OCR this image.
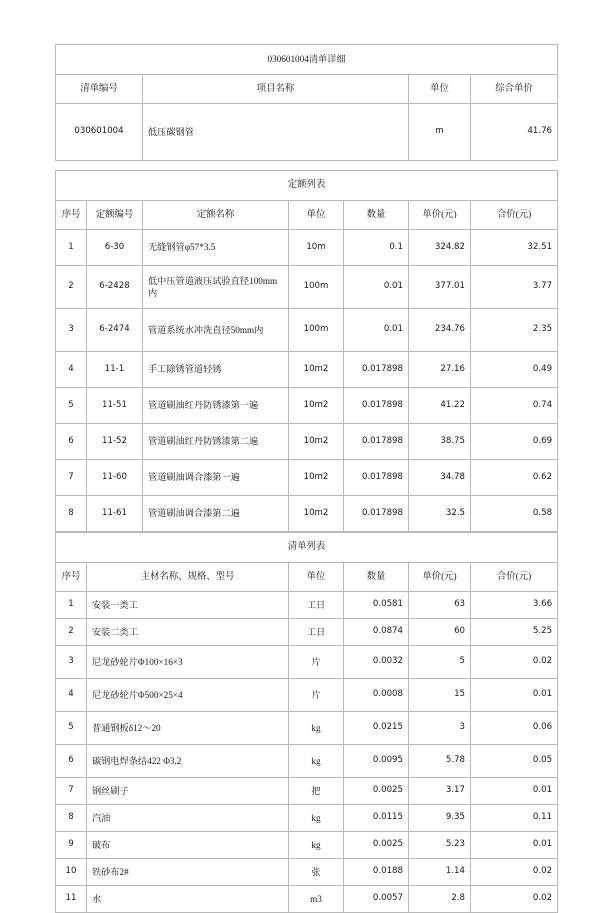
030601004清单详细			
清单编号	项目名称	单位	综合单价
030601004	低压碳钢管	m	41.76
定额列表						
序号	定额编号	定额名称	单位	数量	单价(元)	合价(元)
1	6-30	无缝钢管φ57*3.5	10m	0.1	324.82	32.51
2	6-2428	低中压管道液压试验直径100mm内	100m	0.01	377.01	3.77
3	6-2474	管道系统水冲洗直径50mm内	100m	0.01	234.76	2.35
4	11-1	手工除锈管道轻锈	10m2	0.017898	27.16	0.49
5	11-51	管道刷油红丹防锈漆第一遍	10m2	0.017898	41.22	0.74
6	11-52	管道刷油红丹防锈漆第二遍	10m2	0.017898	38.75	0.69
7	11-60	管道刷油调合漆第一遍	10m2	0.017898	34.78	0.62
8	11-61	管道刷油调合漆第二遍	10m2	0.017898	32.5	0.58
清单列表					
序号	主材名称、规格、型号	单位	数量	单价(元)	合价(元)
1	安装一类工	工日	0.0581	63	3.66
2	安装二类工	工日	0.0874	60	5.25
3	尼龙砂轮片Φ100×16×3	片	0.0032	5	0.02
4	尼龙砂轮片Φ500×25×4	片	0.0008	15	0.01
5	普通钢板δ12～20	kg	0.0215	3	0.06
6	碳钢电焊条结422 Φ3.2	kg	0.0095	5.78	0.05
7	钢丝刷子	把	0.0025	3.17	0.01
8	汽油	kg	0.0115	9.35	0.11
9	破布	kg	0.0025	5.23	0.01
10	铁砂布2#	张	0.0188	1.14	0.02
11	水	m3	0.0057	2.8	0.02
